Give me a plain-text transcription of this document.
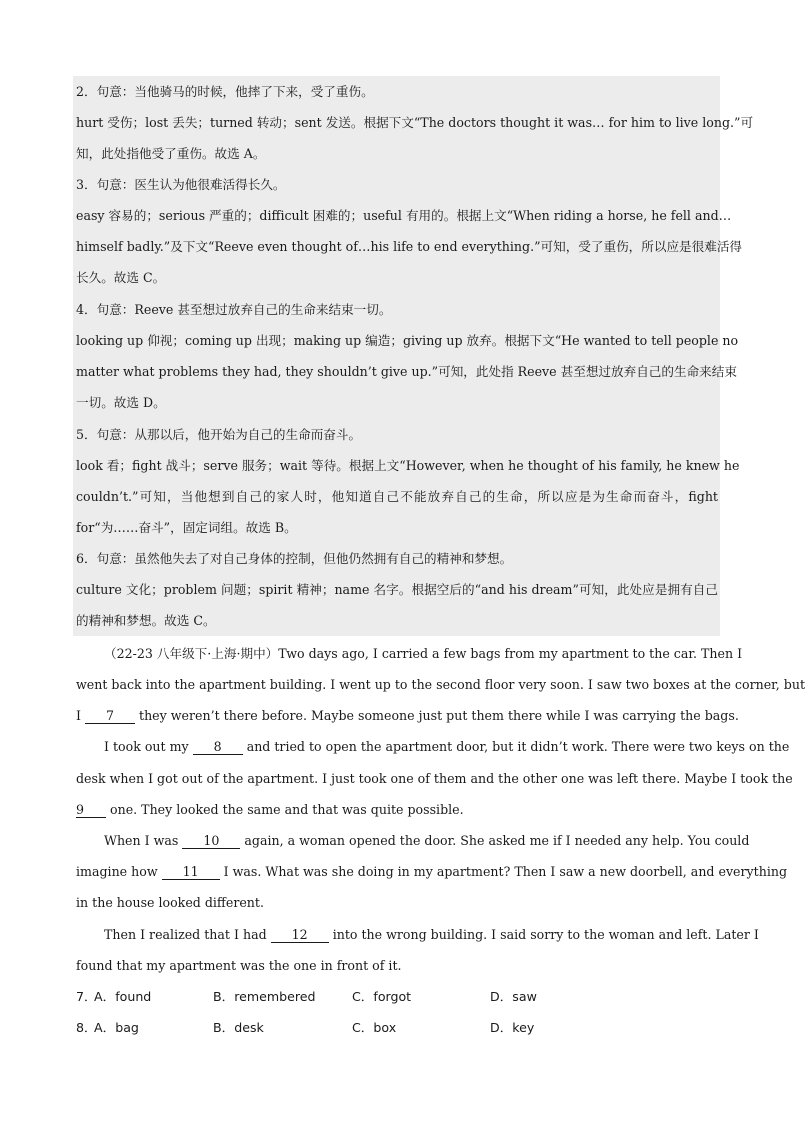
2．句意：当他骑马的时候，他摔了下来，受了重伤。
hurt 受伤；lost 丢失；turned 转动；sent 发送。根据下文“The doctors thought it was… for him to live long.”可
知，此处指他受了重伤。故选 A。
3．句意：医生认为他很难活得长久。
easy 容易的；serious 严重的；difficult 困难的；useful 有用的。根据上文“When riding a horse, he fell and…
himself badly.”及下文“Reeve even thought of…his life to end everything.”可知，受了重伤，所以应是很难活得
长久。故选 C。
4．句意：Reeve 甚至想过放弃自己的生命来结束一切。
looking up 仰视；coming up 出现；making up 编造；giving up 放弃。根据下文“He wanted to tell people no
matter what problems they had, they shouldn’t give up.”可知，此处指 Reeve 甚至想过放弃自己的生命来结束
一切。故选 D。
5．句意：从那以后，他开始为自己的生命而奋斗。
look 看；fight 战斗；serve 服务；wait 等待。根据上文“However, when he thought of his family, he knew he
couldn’t.”可知，当他想到自己的家人时，他知道自己不能放弃自己的生命，所以应是为生命而奋斗，fight
for“为……奋斗”，固定词组。故选 B。
6．句意：虽然他失去了对自己身体的控制，但他仍然拥有自己的精神和梦想。
culture 文化；problem 问题；spirit 精神；name 名字。根据空后的“and his dream”可知，此处应是拥有自己
的精神和梦想。故选 C。
（22-23 八年级下·上海·期中）Two days ago, I carried a few bags from my apartment to the car. Then I
went back into the apartment building. I went up to the second floor very soon. I saw two boxes at the corner, but
I 7 they weren’t there before. Maybe someone just put them there while I was carrying the bags.
I took out my 8 and tried to open the apartment door, but it didn’t work. There were two keys on the
desk when I got out of the apartment. I just took one of them and the other one was left there. Maybe I took the
9 one. They looked the same and that was quite possible.
When I was 10 again, a woman opened the door. She asked me if I needed any help. You could
imagine how 11 I was. What was she doing in my apartment? Then I saw a new doorbell, and everything
in the house looked different.
Then I realized that I had 12 into the wrong building. I said sorry to the woman and left. Later I
found that my apartment was the one in front of it.
7．
A．found	B．remembered	C．forgot	D．saw
8．
A．bag	B．desk	C．box	D．key
